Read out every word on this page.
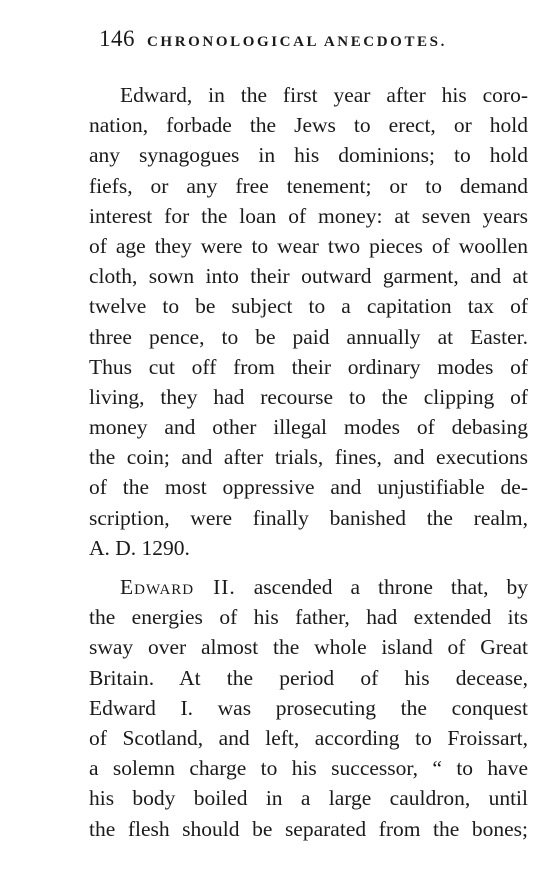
146 CHRONOLOGICAL ANECDOTES.
Edward, in the first year after his coro-
nation, forbade the Jews to erect, or hold
any synagogues in his dominions; to hold
fiefs, or any free tenement; or to demand
interest for the loan of money: at seven years
of age they were to wear two pieces of woollen
cloth, sown into their outward garment, and at
twelve to be subject to a capitation tax of
three pence, to be paid annually at Easter.
Thus cut off from their ordinary modes of
living, they had recourse to the clipping of
money and other illegal modes of debasing
the coin; and after trials, fines, and executions
of the most oppressive and unjustifiable de-
scription, were finally banished the realm,
A. D. 1290.
Edward II. ascended a throne that, by
the energies of his father, had extended its
sway over almost the whole island of Great
Britain. At the period of his decease,
Edward I. was prosecuting the conquest
of Scotland, and left, according to Froissart,
a solemn charge to his successor, “ to have
his body boiled in a large cauldron, until
the flesh should be separated from the bones;
